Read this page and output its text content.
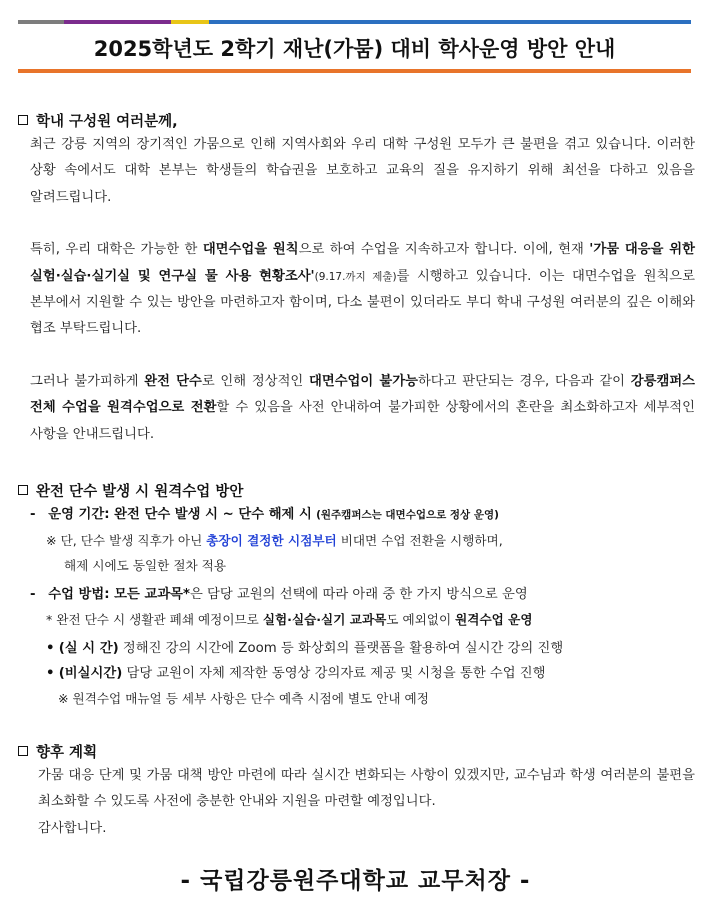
2025학년도 2학기 재난(가뭄) 대비 학사운영 방안 안내
학내 구성원 여러분께,
최근 강릉 지역의 장기적인 가뭄으로 인해 지역사회와 우리 대학 구성원 모두가 큰 불편을 겪고 있습니다. 이러한 상황 속에서도 대학 본부는 학생들의 학습권을 보호하고 교육의 질을 유지하기 위해 최선을 다하고 있음을 알려드립니다.
특히, 우리 대학은 가능한 한 대면수업을 원칙으로 하여 수업을 지속하고자 합니다. 이에, 현재 '가뭄 대응을 위한 실험·실습·실기실 및 연구실 물 사용 현황조사'(9.17.까지 제출)를 시행하고 있습니다. 이는 대면수업을 원칙으로 본부에서 지원할 수 있는 방안을 마련하고자 함이며, 다소 불편이 있더라도 부디 학내 구성원 여러분의 깊은 이해와 협조 부탁드립니다.
그러나 불가피하게 완전 단수로 인해 정상적인 대면수업이 불가능하다고 판단되는 경우, 다음과 같이 강릉캠퍼스 전체 수업을 원격수업으로 전환할 수 있음을 사전 안내하여 불가피한 상황에서의 혼란을 최소화하고자 세부적인 사항을 안내드립니다.
완전 단수 발생 시 원격수업 방안
- 운영 기간: 완전 단수 발생 시 ~ 단수 해제 시 (원주캠퍼스는 대면수업으로 정상 운영)
※ 단, 단수 발생 직후가 아닌 총장이 결정한 시점부터 비대면 수업 전환을 시행하며,
해제 시에도 동일한 절차 적용
- 수업 방법: 모든 교과목*은 담당 교원의 선택에 따라 아래 중 한 가지 방식으로 운영
* 완전 단수 시 생활관 폐쇄 예정이므로 실험·실습·실기 교과목도 예외없이 원격수업 운영
• (실 시 간) 정해진 강의 시간에 Zoom 등 화상회의 플랫폼을 활용하여 실시간 강의 진행
• (비실시간) 담당 교원이 자체 제작한 동영상 강의자료 제공 및 시청을 통한 수업 진행
※ 원격수업 매뉴얼 등 세부 사항은 단수 예측 시점에 별도 안내 예정
향후 계획
가뭄 대응 단계 및 가뭄 대책 방안 마련에 따라 실시간 변화되는 사항이 있겠지만, 교수님과 학생 여러분의 불편을 최소화할 수 있도록 사전에 충분한 안내와 지원을 마련할 예정입니다.
감사합니다.
- 국립강릉원주대학교 교무처장 -
